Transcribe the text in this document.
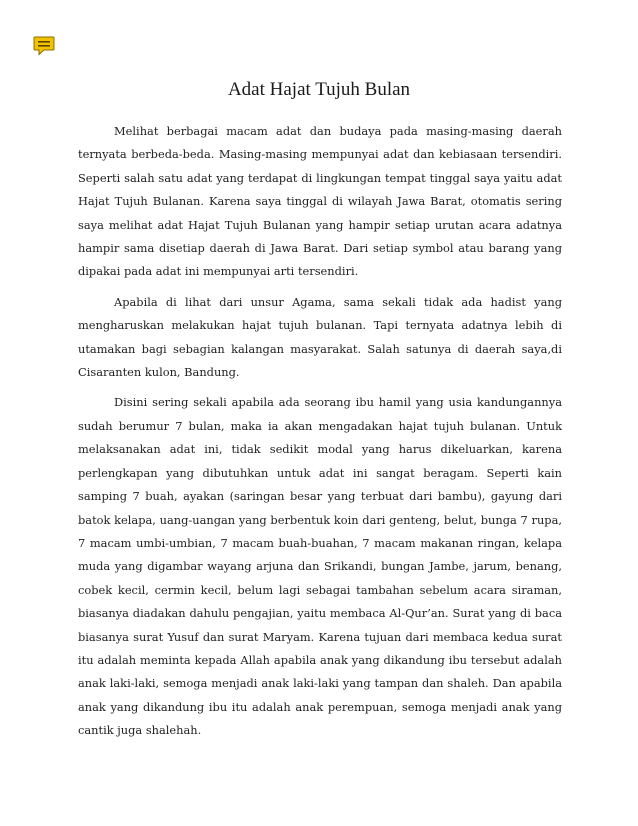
Adat Hajat Tujuh Bulan

Melihat berbagai macam adat dan budaya pada masing-masing daerah ternyata berbeda-beda. Masing-masing mempunyai adat dan kebiasaan tersendiri. Seperti salah satu adat yang terdapat di lingkungan tempat tinggal saya yaitu adat Hajat Tujuh Bulanan. Karena saya tinggal di wilayah Jawa Barat, otomatis sering saya melihat adat Hajat Tujuh Bulanan yang hampir setiap urutan acara adatnya hampir sama disetiap daerah di Jawa Barat. Dari setiap symbol atau barang yang dipakai pada adat ini mempunyai arti tersendiri.

Apabila di lihat dari unsur Agama, sama sekali tidak ada hadist yang mengharuskan melakukan hajat tujuh bulanan. Tapi ternyata adatnya lebih di utamakan bagi sebagian kalangan masyarakat. Salah satunya di daerah saya,di Cisaranten kulon, Bandung.

Disini sering sekali apabila ada seorang ibu hamil yang usia kandungannya sudah berumur 7 bulan, maka ia akan mengadakan hajat tujuh bulanan. Untuk melaksanakan adat ini, tidak sedikit modal yang harus dikeluarkan, karena perlengkapan yang dibutuhkan untuk adat ini sangat beragam. Seperti kain samping 7 buah, ayakan (saringan besar yang terbuat dari bambu), gayung dari batok kelapa, uang-uangan yang berbentuk koin dari genteng, belut, bunga 7 rupa, 7 macam umbi-umbian, 7 macam buah-buahan, 7 macam makanan ringan, kelapa muda yang digambar wayang arjuna dan Srikandi, bungan Jambe, jarum, benang, cobek kecil, cermin kecil, belum lagi sebagai tambahan sebelum acara siraman, biasanya diadakan dahulu pengajian, yaitu membaca Al-Qur’an. Surat yang di baca biasanya surat Yusuf dan surat Maryam. Karena tujuan dari membaca kedua surat itu adalah meminta kepada Allah apabila anak yang dikandung ibu tersebut adalah anak laki-laki, semoga menjadi anak laki-laki yang tampan dan shaleh. Dan apabila anak yang dikandung ibu itu adalah anak perempuan, semoga menjadi anak yang cantik juga shalehah.
